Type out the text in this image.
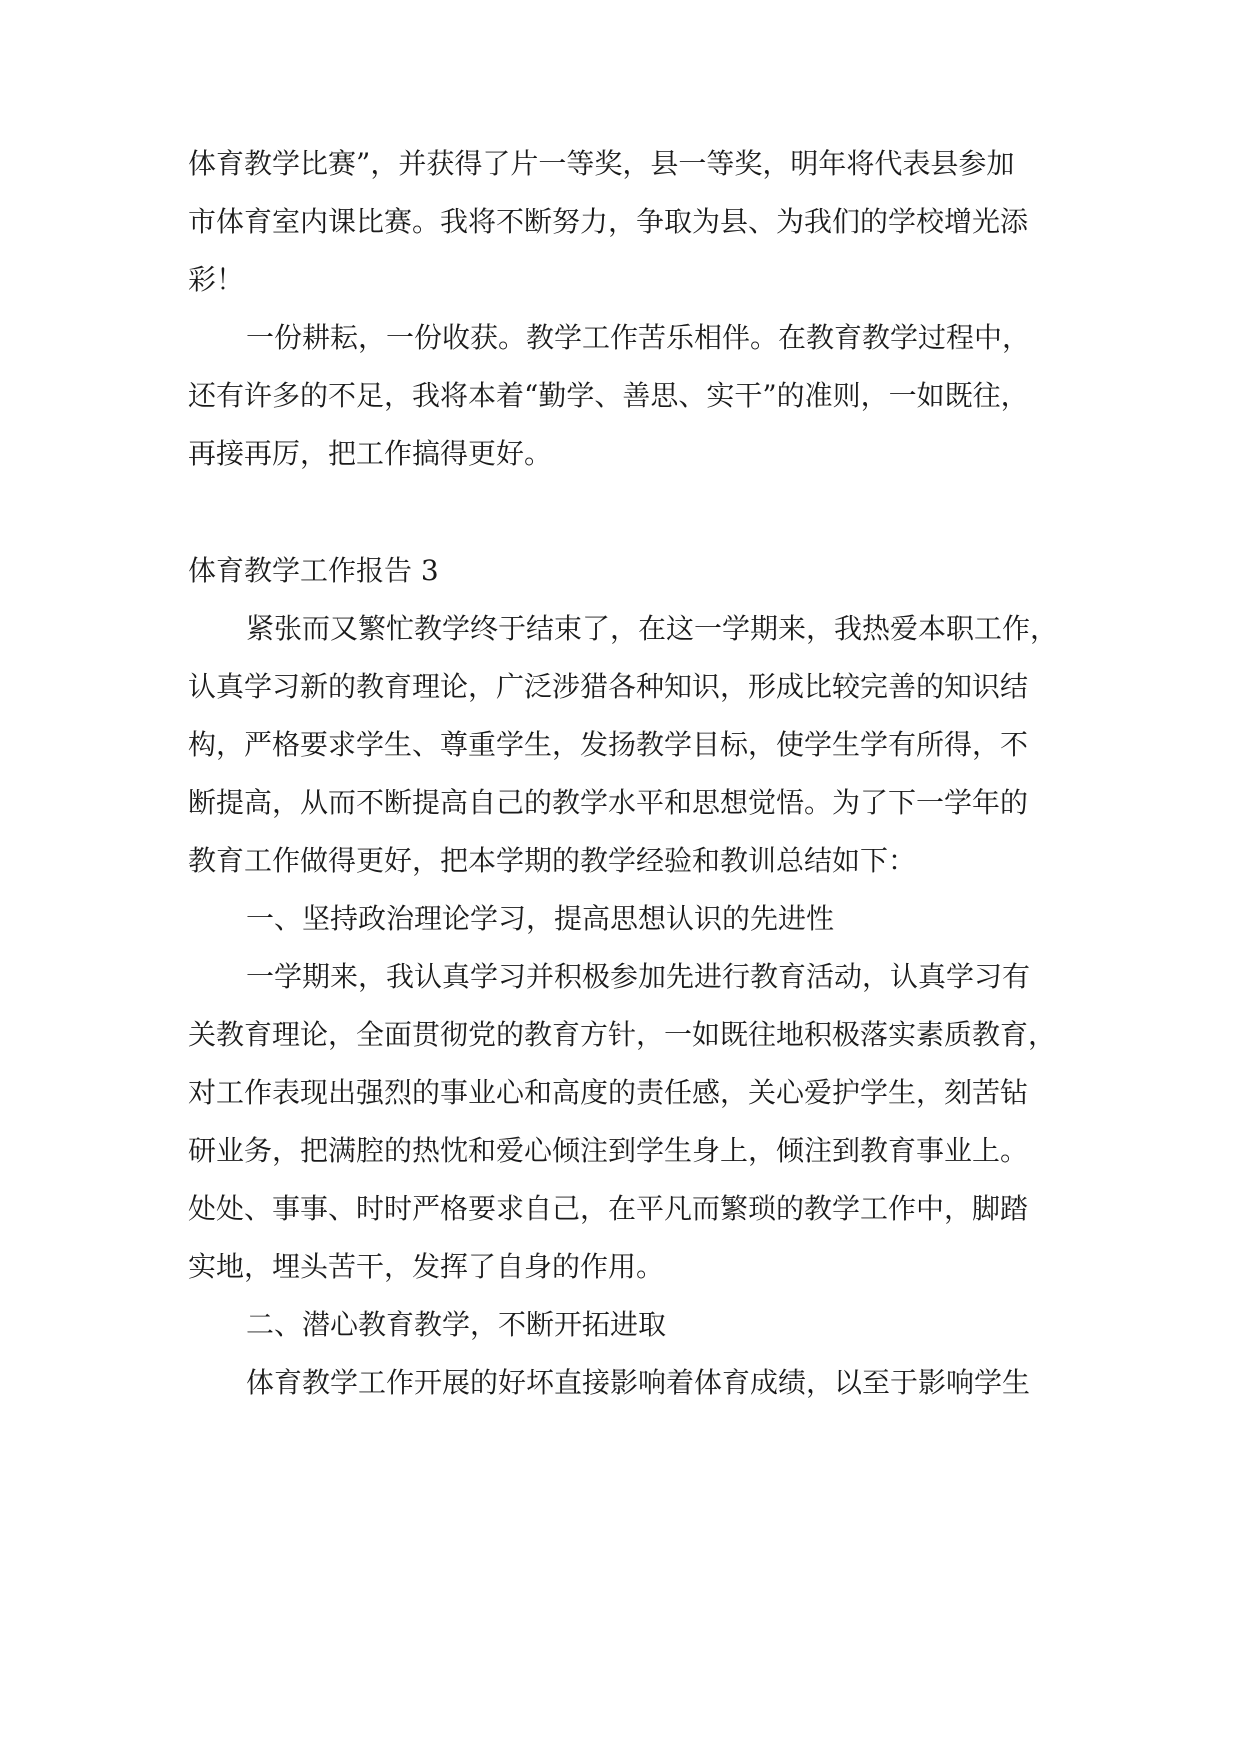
体育教学比赛”，并获得了片一等奖，县一等奖，明年将代表县参加
市体育室内课比赛。我将不断努力，争取为县、为我们的学校增光添
彩！
一份耕耘，一份收获。教学工作苦乐相伴。在教育教学过程中，
还有许多的不足，我将本着“勤学、善思、实干”的准则，一如既往，
再接再厉，把工作搞得更好。
体育教学工作报告 3
紧张而又繁忙教学终于结束了，在这一学期来，我热爱本职工作，
认真学习新的教育理论，广泛涉猎各种知识，形成比较完善的知识结
构，严格要求学生、尊重学生，发扬教学目标，使学生学有所得，不
断提高，从而不断提高自己的教学水平和思想觉悟。为了下一学年的
教育工作做得更好，把本学期的教学经验和教训总结如下：
一、坚持政治理论学习，提高思想认识的先进性
一学期来，我认真学习并积极参加先进行教育活动，认真学习有
关教育理论，全面贯彻党的教育方针，一如既往地积极落实素质教育，
对工作表现出强烈的事业心和高度的责任感，关心爱护学生，刻苦钻
研业务，把满腔的热忱和爱心倾注到学生身上，倾注到教育事业上。
处处、事事、时时严格要求自己，在平凡而繁琐的教学工作中，脚踏
实地，埋头苦干，发挥了自身的作用。
二、潜心教育教学，不断开拓进取
体育教学工作开展的好坏直接影响着体育成绩，以至于影响学生
